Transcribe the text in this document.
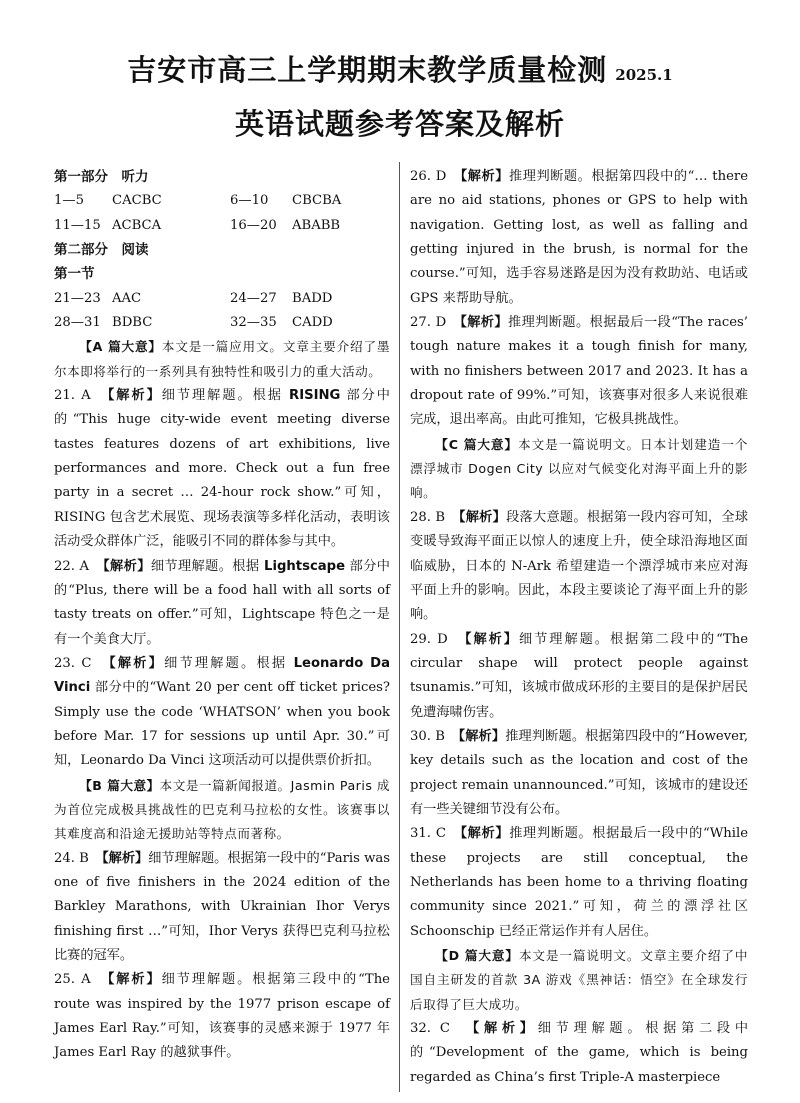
吉安市高三上学期期末教学质量检测 2025.1
英语试题参考答案及解析
第一部分　听力
1—5	CACBC	6—10	CBCBA
11—15 ACBCA	16—20	ABABB
第二部分　阅读
第一节
21—23 AAC	24—27	BADD
28—31 BDBC	32—35	CADD
【A 篇大意】本文是一篇应用文。文章主要介绍了墨尔本即将举行的一系列具有独特性和吸引力的重大活动。
21. A　 【解析】细节理解题。根据 RISING 部分中的“This huge city-wide event meeting diverse tastes features dozens of art exhibitions, live performances and more. Check out a fun free party in a secret … 24-hour rock show.”可知，RISING 包含艺术展览、现场表演等多样化活动，表明该活动受众群体广泛，能吸引不同的群体参与其中。
22. A　 【解析】细节理解题。根据 Lightscape 部分中的“Plus, there will be a food hall with all sorts of tasty treats on offer.”可知，Lightscape 特色之一是有一个美食大厅。
23. C　 【解析】细节理解题。根据 Leonardo Da Vinci 部分中的“Want 20 per cent off ticket prices? Simply use the code ‘WHATSON’ when you book before Mar. 17 for sessions up until Apr. 30.”可知，Leonardo Da Vinci 这项活动可以提供票价折扣。
【B 篇大意】本文是一篇新闻报道。Jasmin Paris 成为首位完成极具挑战性的巴克利马拉松的女性。该赛事以其难度高和沿途无援助站等特点而著称。
24. B　 【解析】细节理解题。根据第一段中的“Paris was one of five finishers in the 2024 edition of the Barkley Marathons, with Ukrainian Ihor Verys finishing first …”可知，Ihor Verys 获得巴克利马拉松比赛的冠军。
25. A　 【解析】细节理解题。根据第三段中的“The route was inspired by the 1977 prison escape of James Earl Ray.”可知，该赛事的灵感来源于 1977 年 James Earl Ray 的越狱事件。
26. D　 【解析】推理判断题。根据第四段中的“… there are no aid stations, phones or GPS to help with navigation. Getting lost, as well as falling and getting injured in the brush, is normal for the course.”可知，选手容易迷路是因为没有救助站、电话或 GPS 来帮助导航。
27. D　 【解析】推理判断题。根据最后一段“The races’ tough nature makes it a tough finish for many, with no finishers between 2017 and 2023. It has a dropout rate of 99%.”可知，该赛事对很多人来说很难完成，退出率高。由此可推知，它极具挑战性。
【C 篇大意】本文是一篇说明文。日本计划建造一个漂浮城市 Dogen City 以应对气候变化对海平面上升的影响。
28. B　 【解析】段落大意题。根据第一段内容可知，全球变暖导致海平面正以惊人的速度上升，使全球沿海地区面临威胁，日本的 N-Ark 希望建造一个漂浮城市来应对海平面上升的影响。因此，本段主要谈论了海平面上升的影响。
29. D　 【解析】细节理解题。根据第二段中的“The circular shape will protect people against tsunamis.”可知，该城市做成环形的主要目的是保护居民免遭海啸伤害。
30. B　 【解析】推理判断题。根据第四段中的“However, key details such as the location and cost of the project remain unannounced.”可知，该城市的建设还有一些关键细节没有公布。
31. C　 【解析】推理判断题。根据最后一段中的“While these projects are still conceptual, the Netherlands has been home to a thriving floating community since 2021.”可知，荷兰的漂浮社区 Schoonschip 已经正常运作并有人居住。
【D 篇大意】本文是一篇说明文。文章主要介绍了中国自主研发的首款 3A 游戏《黑神话：悟空》在全球发行后取得了巨大成功。
32. C　 【解析】细节理解题。根据第二段中的“Development of the game, which is being regarded as China’s first Triple-A masterpiece
